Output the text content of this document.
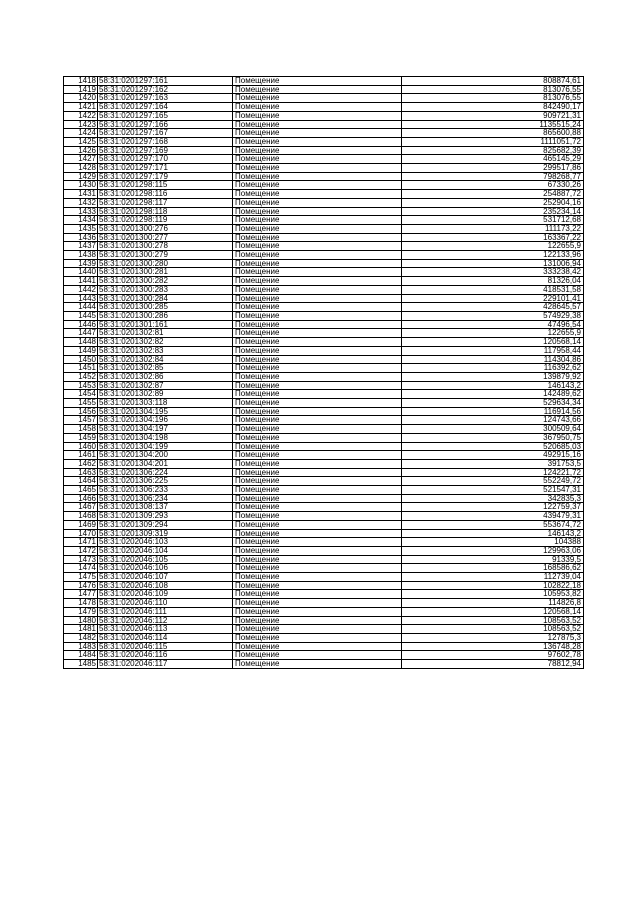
1418	58:31:0201297:161	Помещение	808874,61
1419	58:31:0201297:162	Помещение	813076,55
1420	58:31:0201297:163	Помещение	813076,55
1421	58:31:0201297:164	Помещение	842490,17
1422	58:31:0201297:165	Помещение	909721,31
1423	58:31:0201297:166	Помещение	1135515,24
1424	58:31:0201297:167	Помещение	865600,88
1425	58:31:0201297:168	Помещение	1111051,72
1426	58:31:0201297:169	Помещение	825682,39
1427	58:31:0201297:170	Помещение	465145,29
1428	58:31:0201297:171	Помещение	299517,86
1429	58:31:0201297:179	Помещение	798268,77
1430	58:31:0201298:115	Помещение	67330,26
1431	58:31:0201298:116	Помещение	254887,72
1432	58:31:0201298:117	Помещение	252904,16
1433	58:31:0201298:118	Помещение	235234,14
1434	58:31:0201298:119	Помещение	531712,68
1435	58:31:0201300:276	Помещение	111173,22
1436	58:31:0201300:277	Помещение	163367,22
1437	58:31:0201300:278	Помещение	122655,9
1438	58:31:0201300:279	Помещение	122133,96
1439	58:31:0201300:280	Помещение	131006,94
1440	58:31:0201300:281	Помещение	333238,42
1441	58:31:0201300:282	Помещение	81326,04
1442	58:31:0201300:283	Помещение	418531,58
1443	58:31:0201300:284	Помещение	229101,41
1444	58:31:0201300:285	Помещение	428645,57
1445	58:31:0201300:286	Помещение	574929,38
1446	58:31:0201301:161	Помещение	47496,54
1447	58:31:0201302:81	Помещение	122655,9
1448	58:31:0201302:82	Помещение	120568,14
1449	58:31:0201302:83	Помещение	117958,44
1450	58:31:0201302:84	Помещение	114304,86
1451	58:31:0201302:85	Помещение	116392,62
1452	58:31:0201302:86	Помещение	139879,92
1453	58:31:0201302:87	Помещение	146143,2
1454	58:31:0201302:89	Помещение	142489,62
1455	58:31:0201303:118	Помещение	529634,34
1456	58:31:0201304:195	Помещение	116914,56
1457	58:31:0201304:196	Помещение	124743,66
1458	58:31:0201304:197	Помещение	300509,64
1459	58:31:0201304:198	Помещение	367950,75
1460	58:31:0201304:199	Помещение	520685,03
1461	58:31:0201304:200	Помещение	492915,16
1462	58:31:0201304:201	Помещение	391753,5
1463	58:31:0201306:224	Помещение	124221,72
1464	58:31:0201306:225	Помещение	552249,72
1465	58:31:0201306:233	Помещение	521547,31
1466	58:31:0201306:234	Помещение	342835,3
1467	58:31:0201308:137	Помещение	122759,37
1468	58:31:0201309:293	Помещение	439479,31
1469	58:31:0201309:294	Помещение	553674,72
1470	58:31:0201309:319	Помещение	146143,2
1471	58:31:0202046:103	Помещение	104388
1472	58:31:0202046:104	Помещение	129963,06
1473	58:31:0202046:105	Помещение	91339,5
1474	58:31:0202046:106	Помещение	168586,62
1475	58:31:0202046:107	Помещение	112739,04
1476	58:31:0202046:108	Помещение	102822,18
1477	58:31:0202046:109	Помещение	105953,82
1478	58:31:0202046:110	Помещение	114826,8
1479	58:31:0202046:111	Помещение	120568,14
1480	58:31:0202046:112	Помещение	108563,52
1481	58:31:0202046:113	Помещение	108563,52
1482	58:31:0202046:114	Помещение	127875,3
1483	58:31:0202046:115	Помещение	136748,28
1484	58:31:0202046:116	Помещение	97602,78
1485	58:31:0202046:117	Помещение	78812,94
